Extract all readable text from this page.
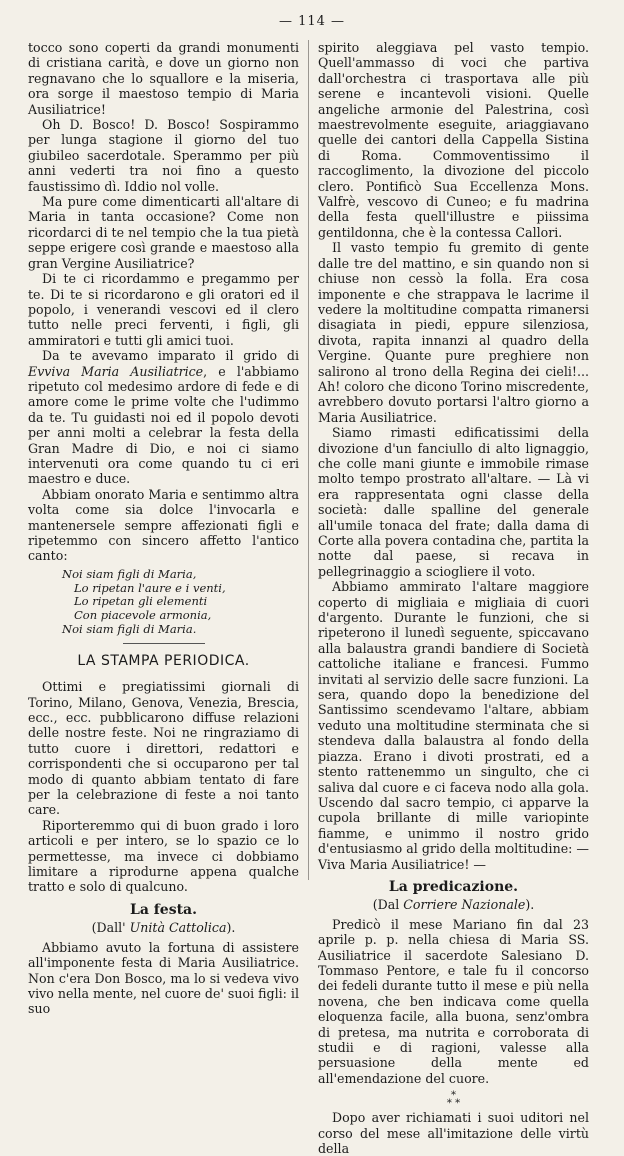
— 114 —

tocco sono coperti da grandi monumenti di cristiana carità, e dove un giorno non regnavano che lo squallore e la miseria, ora sorge il maestoso tempio di Maria Ausiliatrice!

Oh D. Bosco! D. Bosco! Sospirammo per lunga stagione il giorno del tuo giubileo sacerdotale. Sperammo per più anni vederti tra noi fino a questo faustissimo dì. Iddio nol volle.

Ma pure come dimenticarti all'altare di Maria in tanta occasione? Come non ricordarci di te nel tempio che la tua pietà seppe erigere così grande e maestoso alla gran Vergine Ausiliatrice?

Di te ci ricordammo e pregammo per te. Di te si ricordarono e gli oratori ed il popolo, i venerandi vescovi ed il clero tutto nelle preci ferventi, i figli, gli ammiratori e tutti gli amici tuoi.

Da te avevamo imparato il grido di Evviva Maria Ausiliatrice, e l'abbiamo ripetuto col medesimo ardore di fede e di amore come le prime volte che l'udimmo da te. Tu guidasti noi ed il popolo devoti per anni molti a celebrar la festa della Gran Madre di Dio, e noi ci siamo intervenuti ora come quando tu ci eri maestro e duce.

Abbiam onorato Maria e sentimmo altra volta come sia dolce l'invocarla e mantenersele sempre affezionati figli e ripetemmo con sincero affetto l'antico canto:

Noi siam figli di Maria,
Lo ripetan l'aure e i venti,
Lo ripetan gli elementi
Con piacevole armonia,
Noi siam figli di Maria.
LA STAMPA PERIODICA.

Ottimi e pregiatissimi giornali di Torino, Milano, Genova, Venezia, Brescia, ecc., ecc. pubblicarono diffuse relazioni delle nostre feste. Noi ne ringraziamo di tutto cuore i direttori, redattori e corrispondenti che si occuparono per tal modo di quanto abbiam tentato di fare per la celebrazione di feste a noi tanto care.

Riporteremmo qui di buon grado i loro articoli e per intero, se lo spazio ce lo permettesse, ma invece ci dobbiamo limitare a riprodurne appena qualche tratto e solo di qualcuno.

La festa.
(Dall' Unità Cattolica).

Abbiamo avuto la fortuna di assistere all'imponente festa di Maria Ausiliatrice. Non c'era Don Bosco, ma lo si vedeva vivo vivo nella mente, nel cuore de' suoi figli: il suo

spirito aleggiava pel vasto tempio. Quell'ammasso di voci che partiva dall'orchestra ci trasportava alle più serene e incantevoli visioni. Quelle angeliche armonie del Palestrina, così maestrevolmente eseguite, ariaggiavano quelle dei cantori della Cappella Sistina di Roma. Commoventissimo il raccoglimento, la divozione del piccolo clero. Pontificò Sua Eccellenza Mons. Valfrè, vescovo di Cuneo; e fu madrina della festa quell'illustre e piissima gentildonna, che è la contessa Callori.

Il vasto tempio fu gremito di gente dalle tre del mattino, e sin quando non si chiuse non cessò la folla. Era cosa imponente e che strappava le lacrime il vedere la moltitudine compatta rimanersi disagiata in piedi, eppure silenziosa, divota, rapita innanzi al quadro della Vergine. Quante pure preghiere non salirono al trono della Regina dei cieli!... Ah! coloro che dicono Torino miscredente, avrebbero dovuto portarsi l'altro giorno a Maria Ausiliatrice.

Siamo rimasti edificatissimi della divozione d'un fanciullo di alto lignaggio, che colle mani giunte e immobile rimase molto tempo prostrato all'altare. — Là vi era rappresentata ogni classe della società: dalle spalline del generale all'umile tonaca del frate; dalla dama di Corte alla povera contadina che, partita la notte dal paese, si recava in pellegrinaggio a sciogliere il voto.

Abbiamo ammirato l'altare maggiore coperto di migliaia e migliaia di cuori d'argento. Durante le funzioni, che si ripeterono il lunedì seguente, spiccavano alla balaustra grandi bandiere di Società cattoliche italiane e francesi. Fummo invitati al servizio delle sacre funzioni. La sera, quando dopo la benedizione del Santissimo scendevamo l'altare, abbiam veduto una moltitudine sterminata che si stendeva dalla balaustra al fondo della piazza. Erano i divoti prostrati, ed a stento rattenemmo un singulto, che ci saliva dal cuore e ci faceva nodo alla gola. Uscendo dal sacro tempio, ci apparve la cupola brillante di mille variopinte fiamme, e unimmo il nostro grido d'entusiasmo al grido della moltitudine: — Viva Maria Ausiliatrice! —

La predicazione.
(Dal Corriere Nazionale).

Predicò il mese Mariano fin dal 23 aprile p. p. nella chiesa di Maria SS. Ausiliatrice il sacerdote Salesiano D. Tommaso Pentore, e tale fu il concorso dei fedeli durante tutto il mese e più nella novena, che ben indicava come quella eloquenza facile, alla buona, senz'ombra di pretesa, ma nutrita e corroborata di studii e di ragioni, valesse alla persuasione della mente ed all'emendazione del cuore.

*
* *

Dopo aver richiamati i suoi uditori nel corso del mese all'imitazione delle virtù della
